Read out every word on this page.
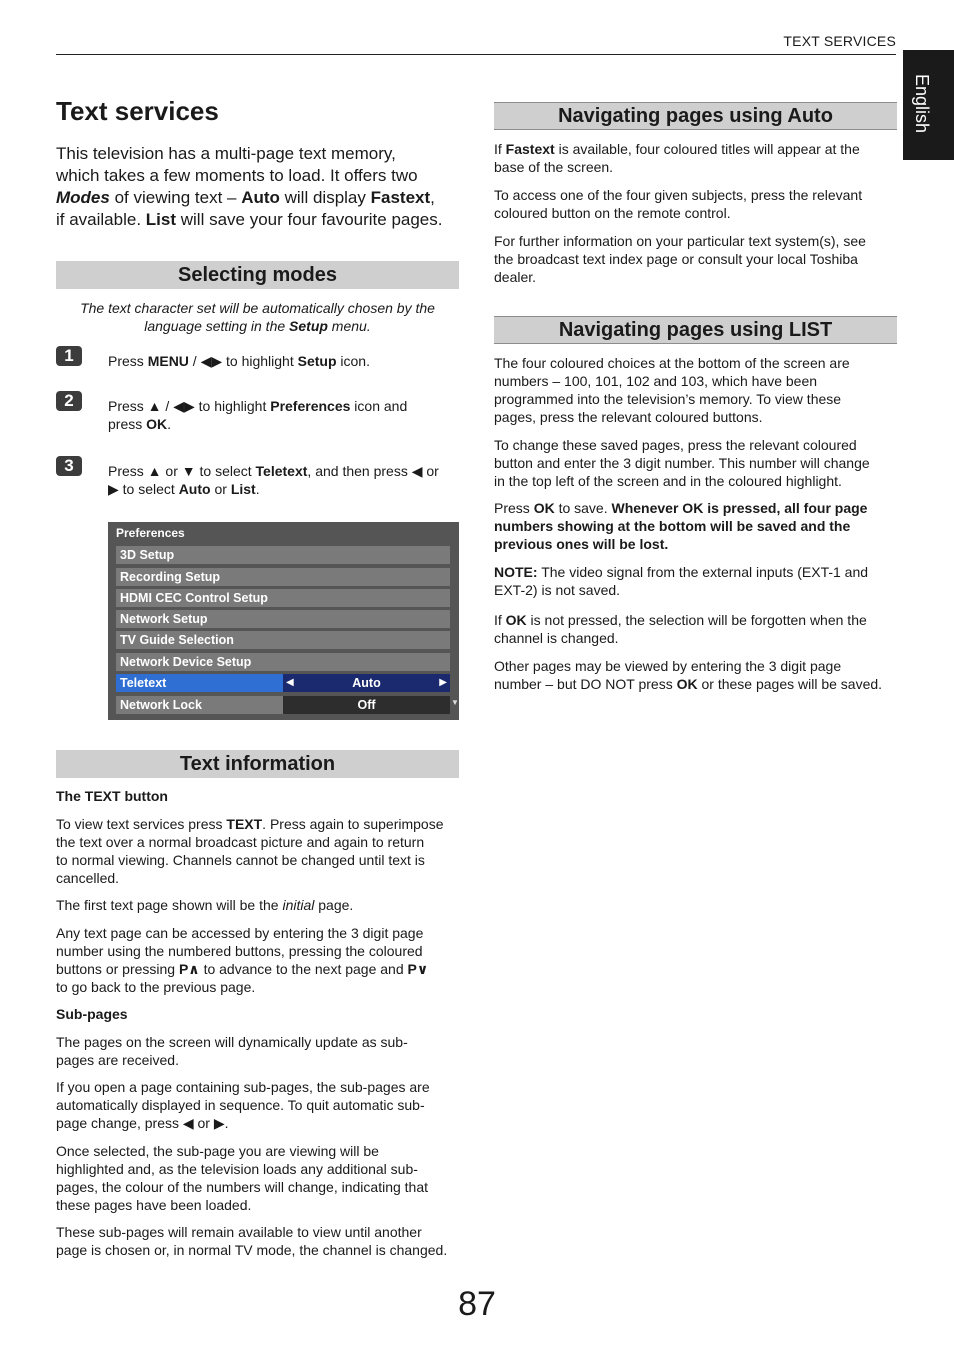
TEXT SERVICES
English
Text services
This television has a multi-page text memory,
which takes a few moments to load. It offers two
Modes of viewing text – Auto will display Fastext,
if available. List will save your four favourite pages.
Selecting modes
The text character set will be automatically chosen by the
language setting in the Setup menu.
1	Press MENU / ◀▶ to highlight Setup icon.
2	Press ▲ / ◀▶ to highlight Preferences icon and
press OK.
3	Press ▲ or ▼ to select Teletext, and then press ◀ or
▶ to select Auto or List.
Preferences
3D Setup
Recording Setup
HDMI CEC Control Setup
Network Setup
TV Guide Selection
Network Device Setup
Teletext	◀	Auto	▶
Network Lock	Off	▼
Text information
The TEXT button
To view text services press TEXT. Press again to superimpose
the text over a normal broadcast picture and again to return
to normal viewing. Channels cannot be changed until text is
cancelled.
The first text page shown will be the initial page.
Any text page can be accessed by entering the 3 digit page
number using the numbered buttons, pressing the coloured
buttons or pressing P∧ to advance to the next page and P∨
to go back to the previous page.
Sub-pages
The pages on the screen will dynamically update as sub-
pages are received.
If you open a page containing sub-pages, the sub-pages are
automatically displayed in sequence. To quit automatic sub-
page change, press ◀ or ▶.
Once selected, the sub-page you are viewing will be
highlighted and, as the television loads any additional sub-
pages, the colour of the numbers will change, indicating that
these pages have been loaded.
These sub-pages will remain available to view until another
page is chosen or, in normal TV mode, the channel is changed.
Navigating pages using Auto
If Fastext is available, four coloured titles will appear at the
base of the screen.
To access one of the four given subjects, press the relevant
coloured button on the remote control.
For further information on your particular text system(s), see
the broadcast text index page or consult your local Toshiba
dealer.
Navigating pages using LIST
The four coloured choices at the bottom of the screen are
numbers – 100, 101, 102 and 103, which have been
programmed into the television’s memory. To view these
pages, press the relevant coloured buttons.
To change these saved pages, press the relevant coloured
button and enter the 3 digit number. This number will change
in the top left of the screen and in the coloured highlight.
Press OK to save. Whenever OK is pressed, all four page
numbers showing at the bottom will be saved and the
previous ones will be lost.
NOTE: The video signal from the external inputs (EXT-1 and
EXT-2) is not saved.
If OK is not pressed, the selection will be forgotten when the
channel is changed.
Other pages may be viewed by entering the 3 digit page
number – but DO NOT press OK or these pages will be saved.
87
